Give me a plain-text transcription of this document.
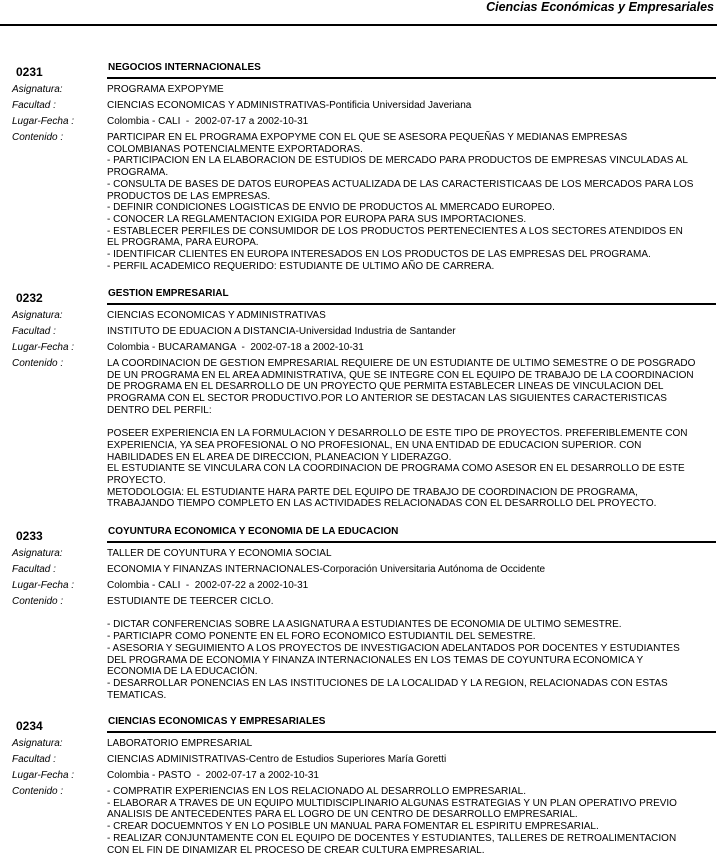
Ciencias Económicas y Empresariales
0231	NEGOCIOS INTERNACIONALES
Asignatura:	PROGRAMA EXPOPYME
Facultad :	CIENCIAS ECONOMICAS Y ADMINISTRATIVAS-Pontificia Universidad Javeriana
Lugar-Fecha :	Colombia - CALI  -  2002-07-17 a 2002-10-31
Contenido :	PARTICIPAR EN EL PROGRAMA EXPOPYME CON EL QUE SE ASESORA PEQUEÑAS Y MEDIANAS EMPRESAS
COLOMBIANAS POTENCIALMENTE EXPORTADORAS.
- PARTICIPACION EN LA ELABORACION DE ESTUDIOS DE MERCADO PARA PRODUCTOS DE EMPRESAS VINCULADAS AL
PROGRAMA.
- CONSULTA DE BASES DE DATOS EUROPEAS ACTUALIZADA DE LAS CARACTERISTICAAS DE LOS MERCADOS PARA LOS
PRODUCTOS DE LAS EMPRESAS.
- DEFINIR CONDICIONES LOGISTICAS DE ENVIO DE PRODUCTOS AL MMERCADO EUROPEO.
- CONOCER LA REGLAMENTACION EXIGIDA POR EUROPA PARA SUS IMPORTACIONES.
- ESTABLECER PERFILES DE CONSUMIDOR DE LOS PRODUCTOS PERTENECIENTES A LOS SECTORES ATENDIDOS EN
EL PROGRAMA, PARA EUROPA.
- IDENTIFICAR CLIENTES EN EUROPA INTERESADOS EN LOS PRODUCTOS DE LAS EMPRESAS DEL PROGRAMA.
- PERFIL ACADEMICO REQUERIDO: ESTUDIANTE DE ULTIMO AÑO DE CARRERA.
0232	GESTION EMPRESARIAL
Asignatura:	CIENCIAS ECONOMICAS Y ADMINISTRATIVAS
Facultad :	INSTITUTO DE EDUACION A DISTANCIA-Universidad Industria de Santander
Lugar-Fecha :	Colombia - BUCARAMANGA  -  2002-07-18 a 2002-10-31
Contenido :	LA COORDINACION DE GESTION EMPRESARIAL REQUIERE DE UN ESTUDIANTE DE ULTIMO SEMESTRE O DE POSGRADO
DE UN PROGRAMA EN EL AREA ADMINISTRATIVA, QUE SE INTEGRE CON EL EQUIPO DE TRABAJO DE LA COORDINACION
DE PROGRAMA EN EL DESARROLLO DE UN PROYECTO QUE PERMITA ESTABLECER LINEAS DE VINCULACION DEL
PROGRAMA CON EL SECTOR PRODUCTIVO.POR LO ANTERIOR SE DESTACAN LAS SIGUIENTES CARACTERISTICAS
DENTRO DEL PERFIL:

POSEER EXPERIENCIA EN LA FORMULACION Y DESARROLLO DE ESTE TIPO DE PROYECTOS. PREFERIBLEMENTE CON
EXPERIENCIA, YA SEA PROFESIONAL O NO PROFESIONAL, EN UNA ENTIDAD DE EDUCACION SUPERIOR. CON
HABILIDADES EN EL AREA DE DIRECCION, PLANEACION Y LIDERAZGO.
EL ESTUDIANTE SE VINCULARA CON LA COORDINACION DE PROGRAMA COMO ASESOR EN EL DESARROLLO DE ESTE
PROYECTO.
METODOLOGIA: EL ESTUDIANTE HARA PARTE DEL EQUIPO DE TRABAJO DE COORDINACION DE PROGRAMA,
TRABAJANDO TIEMPO COMPLETO EN LAS ACTIVIDADES RELACIONADAS CON EL DESARROLLO DEL PROYECTO.
0233	COYUNTURA ECONOMICA Y ECONOMIA DE LA EDUCACION
Asignatura:	TALLER DE COYUNTURA Y ECONOMIA SOCIAL
Facultad :	ECONOMIA Y FINANZAS INTERNACIONALES-Corporación Universitaria Autónoma de Occidente
Lugar-Fecha :	Colombia - CALI  -  2002-07-22 a 2002-10-31
Contenido :	ESTUDIANTE DE TEERCER CICLO.

- DICTAR CONFERENCIAS SOBRE LA ASIGNATURA A ESTUDIANTES DE ECONOMIA DE ULTIMO SEMESTRE.
- PARTICIAPR COMO PONENTE EN EL FORO ECONOMICO ESTUDIANTIL DEL SEMESTRE.
- ASESORIA Y SEGUIMIENTO A LOS PROYECTOS DE INVESTIGACION ADELANTADOS POR DOCENTES Y ESTUDIANTES
DEL PROGRAMA DE ECONOMIA Y FINANZA INTERNACIONALES EN LOS TEMAS DE COYUNTURA ECONOMICA Y
ECONOMIA DE LA EDUCACIÓN.
- DESARROLLAR PONENCIAS EN LAS INSTITUCIONES DE LA LOCALIDAD Y LA REGION, RELACIONADAS CON ESTAS
TEMATICAS.
0234	CIENCIAS ECONOMICAS Y EMPRESARIALES
Asignatura:	LABORATORIO EMPRESARIAL
Facultad :	CIENCIAS ADMINISTRATIVAS-Centro de Estudios Superiores María Goretti
Lugar-Fecha :	Colombia - PASTO  -  2002-07-17 a 2002-10-31
Contenido :	- COMPRATIR EXPERIENCIAS EN LOS RELACIONADO AL DESARROLLO EMPRESARIAL.
- ELABORAR A TRAVES DE UN EQUIPO MULTIDISCIPLINARIO ALGUNAS ESTRATEGIAS Y UN PLAN OPERATIVO PREVIO
ANALISIS DE ANTECEDENTES PARA EL LOGRO DE UN CENTRO DE DESARROLLO EMPRESARIAL.
- CREAR DOCUEMNTOS Y EN LO POSIBLE UN MANUAL PARA FOMENTAR EL ESPIRITU EMPRESARIAL.
- REALIZAR CONJUNTAMENTE CON EL EQUIPO DE DOCENTES Y ESTUDIANTES, TALLERES DE RETROALIMENTACION
CON EL FIN DE DINAMIZAR EL PROCESO DE CREAR CULTURA EMPRESARIAL.
